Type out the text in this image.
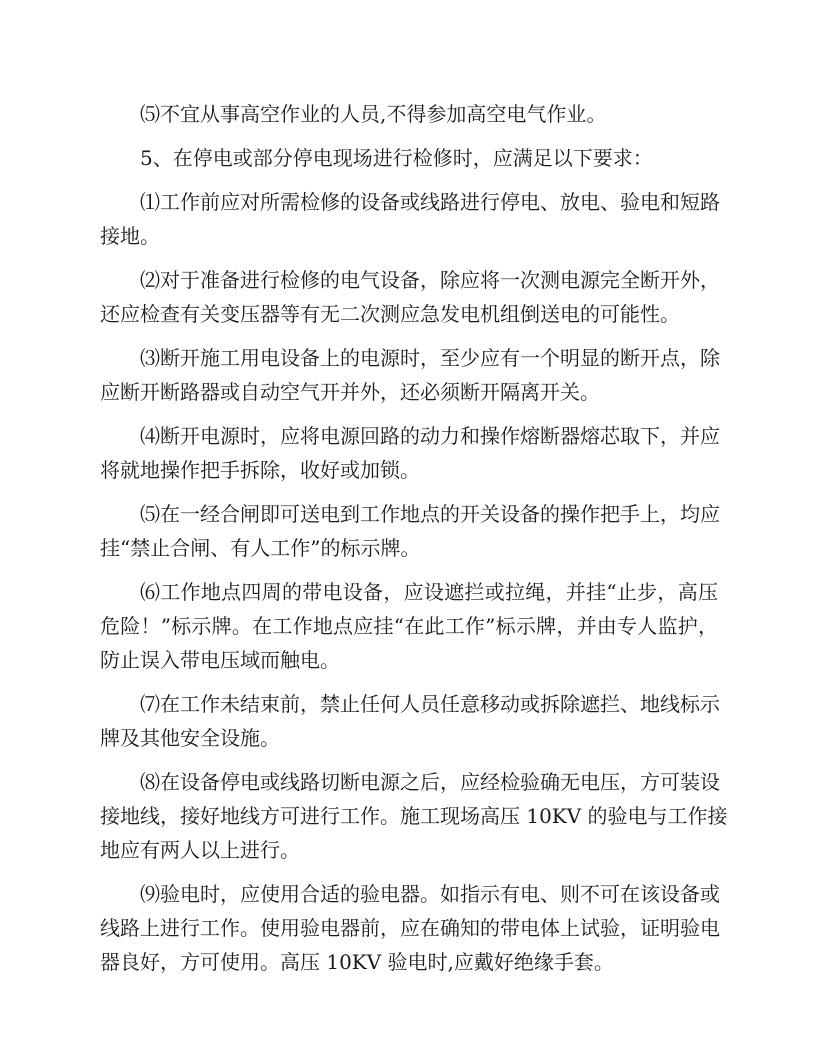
⑸不宜从事高空作业的人员,不得参加高空电气作业。
5、在停电或部分停电现场进行检修时，应满足以下要求：
⑴工作前应对所需检修的设备或线路进行停电、放电、验电和短路
接地。
⑵对于准备进行检修的电气设备，除应将一次测电源完全断开外，
还应检查有关变压器等有无二次测应急发电机组倒送电的可能性。
⑶断开施工用电设备上的电源时，至少应有一个明显的断开点，除
应断开断路器或自动空气开并外，还必须断开隔离开关。
⑷断开电源时，应将电源回路的动力和操作熔断器熔芯取下，并应
将就地操作把手拆除，收好或加锁。
⑸在一经合闸即可送电到工作地点的开关设备的操作把手上，均应
挂“禁止合闸、有人工作”的标示牌。
⑹工作地点四周的带电设备，应设遮拦或拉绳，并挂“止步，高压
危险！”标示牌。在工作地点应挂“在此工作”标示牌，并由专人监护，
防止误入带电压域而触电。
⑺在工作未结束前，禁止任何人员任意移动或拆除遮拦、地线标示
牌及其他安全设施。
⑻在设备停电或线路切断电源之后，应经检验确无电压，方可装设
接地线，接好地线方可进行工作。施工现场高压 10KV 的验电与工作接
地应有两人以上进行。
⑼验电时，应使用合适的验电器。如指示有电、则不可在该设备或
线路上进行工作。使用验电器前，应在确知的带电体上试验，证明验电
器良好，方可使用。高压 10KV 验电时,应戴好绝缘手套。
